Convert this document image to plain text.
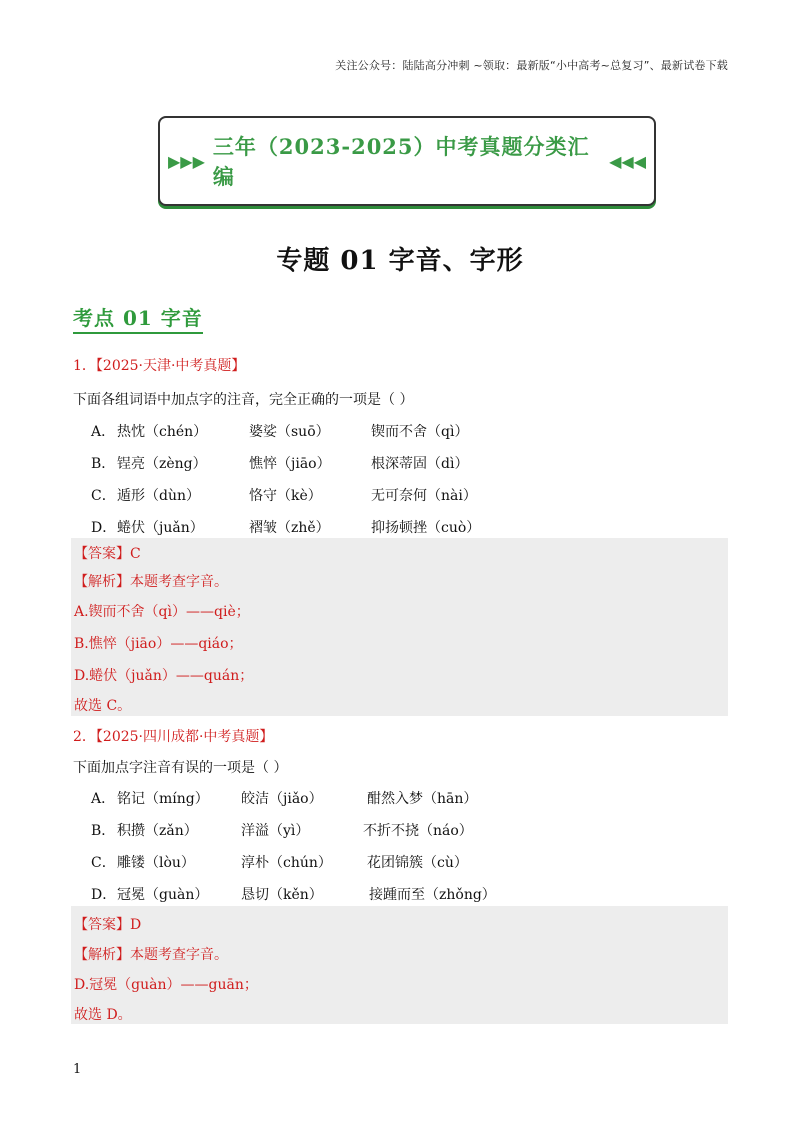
关注公众号：陆陆高分冲刺 ~领取：最新版“小中高考~总复习”、最新试卷下载
▶▶▶
三年（2023-2025）中考真题分类汇编
◀◀◀
专题 01 字音、字形
考点 01 字音
1．【2025·天津·中考真题】
下面各组词语中加点字的注音，完全正确的一项是（ ）
A． 热忱（chén）	婆娑（suō）	锲而不舍（qì）
B． 锃亮（zèng）	憔悴（jiāo）	根深蒂固（dì）
C． 遁形（dùn）	恪守（kè）	无可奈何（nài）
D． 蜷伏（juǎn）	褶皱（zhě）	抑扬顿挫（cuò）
【答案】C
【解析】本题考查字音。
A.锲而不舍（qì）——qiè；
B.憔悴（jiāo）——qiáo；
D.蜷伏（juǎn）——quán；
故选 C。
2．【2025·四川成都·中考真题】
下面加点字注音有误的一项是（ ）
A． 铭记（míng） 皎洁（jiǎo）	酣然入梦（hān）
B． 积攒（zǎn）	洋溢（yì）	不折不挠（náo）
C． 雕镂（lòu）	淳朴（chún）	花团锦簇（cù）
D． 冠冕（guàn） 恳切（kěn）	接踵而至（zhǒng）
【答案】D
【解析】本题考查字音。
D.冠冕（guàn）——guān；
故选 D。
1
